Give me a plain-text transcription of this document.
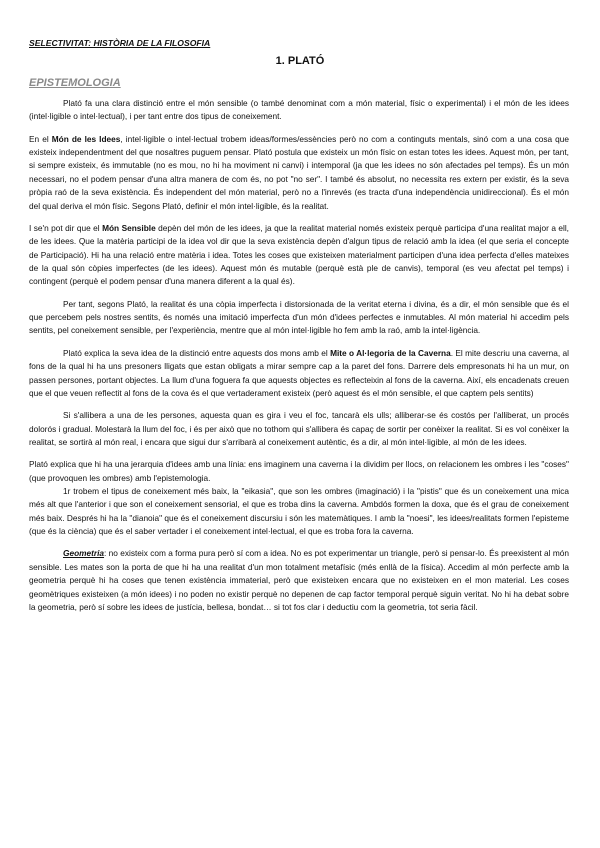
SELECTIVITAT: HISTÒRIA DE LA FILOSOFIA
1. PLATÓ
EPISTEMOLOGIA

Plató fa una clara distinció entre el món sensible (o també denominat com a món material, físic o experimental) i el món de les idees (intel·ligible o intel·lectual), i per tant entre dos tipus de coneixement.

En el Món de les Idees, intel·ligible o intel·lectual trobem ideas/formes/essències però no com a continguts mentals, sinó com a una cosa que existeix independentment del que nosaltres puguem pensar. Plató postula que existeix un món físic on estan totes les idees. Aquest món, per tant, si sempre existeix, és immutable (no es mou, no hi ha moviment ni canvi) i intemporal (ja que les idees no són afectades pel temps). És un món necessari, no el podem pensar d'una altra manera de com és, no pot "no ser". I també és absolut, no necessita res extern per existir, és la seva pròpia raó de la seva existència. És independent del món material, però no a l'inrevés (es tracta d'una independència unidireccional). És el món del qual deriva el món físic. Segons Plató, definir el món intel·ligible, és la realitat.

I se'n pot dir que el Món Sensible depèn del món de les idees, ja que la realitat material només existeix perquè participa d'una realitat major a ell, de les idees. Que la matèria participi de la idea vol dir que la seva existència depèn d'algun tipus de relació amb la idea (el que seria el concepte de Participació). Hi ha una relació entre matèria i idea. Totes les coses que existeixen materialment participen d'una idea perfecta d'elles mateixes de la qual són còpies imperfectes (de les idees). Aquest món és mutable (perquè està ple de canvis), temporal (es veu afectat pel temps) i contingent (perquè el podem pensar d'una manera diferent a la qual és).

Per tant, segons Plató, la realitat és una còpia imperfecta i distorsionada de la veritat eterna i divina, és a dir, el món sensible que és el que percebem pels nostres sentits, és només una imitació imperfecta d'un món d'idees perfectes e inmutables. Al món material hi accedim pels sentits, pel coneixement sensible, per l'experiència, mentre que al món intel·ligible ho fem amb la raó, amb la intel·ligència.

Plató explica la seva idea de la distinció entre aquests dos mons amb el Mite o Al·legoria de la Caverna. El mite descriu una caverna, al fons de la qual hi ha uns presoners lligats que estan obligats a mirar sempre cap a la paret del fons. Darrere dels empresonats hi ha un mur, on passen persones, portant objectes. La llum d'una foguera fa que aquests objectes es reflecteixin al fons de la caverna. Així, els encadenats creuen que el que veuen reflectit al fons de la cova és el que vertaderament existeix (però aquest és el món sensible, el que captem pels sentits)

Si s'allibera a una de les persones, aquesta quan es gira i veu el foc, tancarà els ulls; alliberar-se és costós per l'alliberat, un procés dolorós i gradual. Molestarà la llum del foc, i és per això que no tothom qui s'allibera és capaç de sortir per conèixer la realitat. Si es vol conèixer la realitat, se sortirà al món real, i encara que sigui dur s'arribarà al coneixement autèntic, és a dir, al món intel·ligible, al món de les idees.

Plató explica que hi ha una jerarquia d'idees amb una línia: ens imaginem una caverna i la dividim per llocs, on relacionem les ombres i les "coses" (que provoquen les ombres) amb l'epistemologia.

1r trobem el tipus de coneixement més baix, la "eikasia", que son les ombres (imaginació) i la "pistis" que és un coneixement una mica més alt que l'anterior i que son el coneixement sensorial, el que es troba dins la caverna. Ambdós formen la doxa, que és el grau de coneixement més baix. Després hi ha la "dianoia" que és el coneixement discursiu i són les matemàtiques. I amb la "noesi", les idees/realitats formen l'episteme (que és la ciència) que és el saber vertader i el coneixement intel·lectual, el que es troba fora la caverna.

Geometria: no existeix com a forma pura però sí com a idea. No es pot experimentar un triangle, però si pensar-lo. És preexistent al món sensible. Les mates son la porta de que hi ha una realitat d'un mon totalment metafísic (més enllà de la física). Accedim al món perfecte amb la geometria perquè hi ha coses que tenen existència immaterial, però que existeixen encara que no existeixen en el mon material. Les coses geomètriques existeixen (a món idees) i no poden no existir perquè no depenen de cap factor temporal perquè siguin veritat. No hi ha debat sobre la geometria, però sí sobre les idees de justícia, bellesa, bondat… si tot fos clar i deductiu com la geometria, tot seria fàcil.
